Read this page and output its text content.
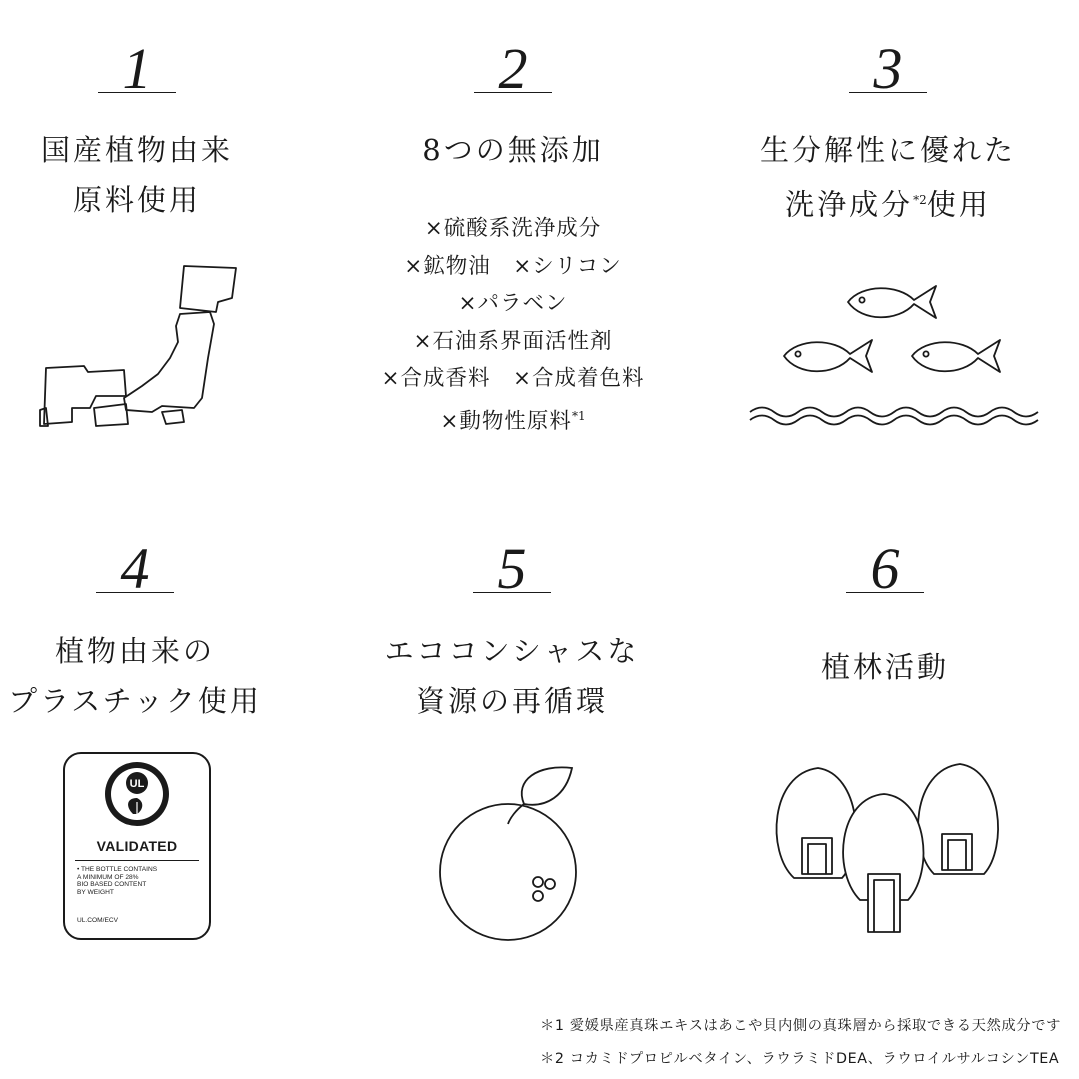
1
国産植物由来
原料使用
2
8つの無添加
×硫酸系洗浄成分
×鉱物油　×シリコン
×パラベン
×石油系界面活性剤
×合成香料　×合成着色料
×動物性原料$^{*1}$
3
生分解性に優れた
洗浄成分$^{*2}$使用
4
植物由来の
プラスチック使用
UL
VALIDATED
• THE BOTTLE CONTAINS
A MINIMUM OF 28%
BIO BASED CONTENT
BY WEIGHT
UL.COM/ECV
5
エココンシャスな
資源の再循環
6
植林活動
＊1 愛媛県産真珠エキスはあこや貝内側の真珠層から採取できる天然成分です
＊2 コカミドプロピルベタイン、ラウラミドDEA、ラウロイルサルコシンTEA
